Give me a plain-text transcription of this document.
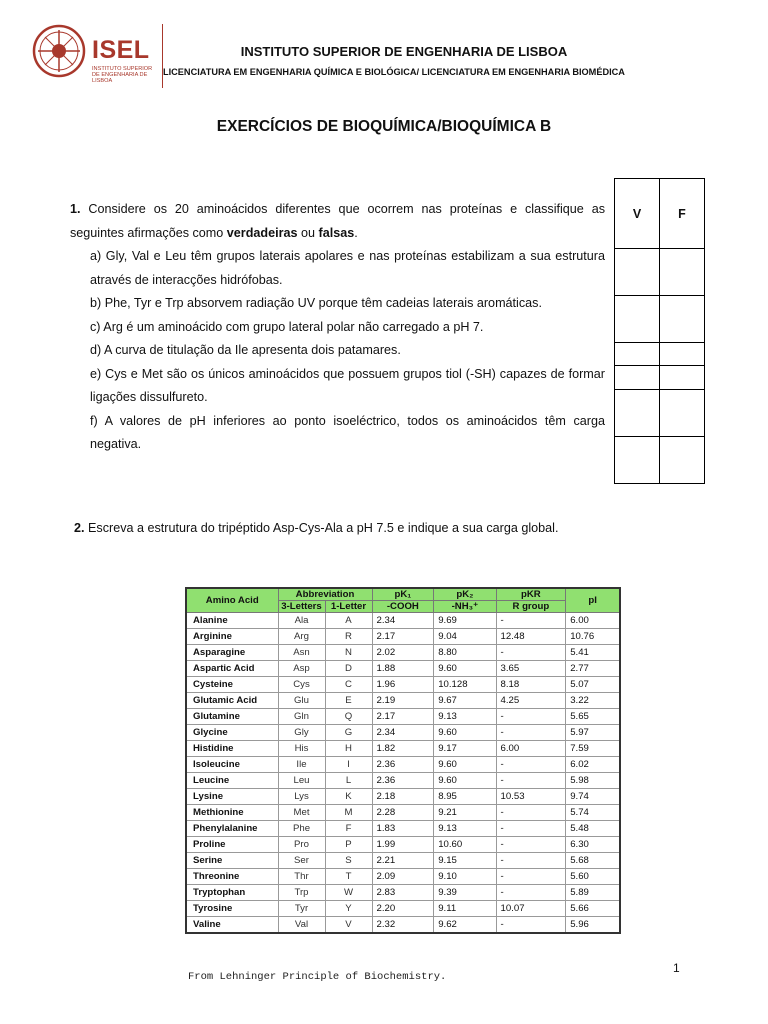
ISEL
INSTITUTO SUPERIOR DE ENGENHARIA DE LISBOA
INSTITUTO SUPERIOR DE ENGENHARIA DE LISBOA
LICENCIATURA EM ENGENHARIA QUÍMICA E BIOLÓGICA/ LICENCIATURA EM ENGENHARIA BIOMÉDICA
EXERCÍCIOS DE BIOQUÍMICA/BIOQUÍMICA B

1. Considere os 20 aminoácidos diferentes que ocorrem nas proteínas e classifique as seguintes afirmações como verdadeiras ou falsas.

a) Gly, Val e Leu têm grupos laterais apolares e nas proteínas estabilizam a sua estrutura através de interacções hidrófobas.

b) Phe, Tyr e Trp absorvem radiação UV porque têm cadeias laterais aromáticas.

c) Arg é um aminoácido com grupo lateral polar não carregado a pH 7.

d) A curva de titulação da Ile apresenta dois patamares.

e) Cys e Met são os únicos aminoácidos que possuem grupos tiol (-SH) capazes de formar ligações dissulfureto.

f) A valores de pH inferiores ao ponto isoeléctrico, todos os aminoácidos têm carga negativa.

V	F

2. Escreva a estrutura do tripéptido Asp-Cys-Ala a pH 7.5 e indique a sua carga global.
Amino Acid	Abbreviation		pK₁	pK₂	pKR	pI
	3-Letters	1-Letter	-COOH	-NH₃⁺	R group	
Alanine	Ala	A	2.34	9.69	-	6.00
Arginine	Arg	R	2.17	9.04	12.48	10.76
Asparagine	Asn	N	2.02	8.80	-	5.41
Aspartic Acid	Asp	D	1.88	9.60	3.65	2.77
Cysteine	Cys	C	1.96	10.128	8.18	5.07
Glutamic Acid	Glu	E	2.19	9.67	4.25	3.22
Glutamine	Gln	Q	2.17	9.13	-	5.65
Glycine	Gly	G	2.34	9.60	-	5.97
Histidine	His	H	1.82	9.17	6.00	7.59
Isoleucine	Ile	I	2.36	9.60	-	6.02
Leucine	Leu	L	2.36	9.60	-	5.98
Lysine	Lys	K	2.18	8.95	10.53	9.74
Methionine	Met	M	2.28	9.21	-	5.74
Phenylalanine	Phe	F	1.83	9.13	-	5.48
Proline	Pro	P	1.99	10.60	-	6.30
Serine	Ser	S	2.21	9.15	-	5.68
Threonine	Thr	T	2.09	9.10	-	5.60
Tryptophan	Trp	W	2.83	9.39	-	5.89
Tyrosine	Tyr	Y	2.20	9.11	10.07	5.66
Valine	Val	V	2.32	9.62	-	5.96
From Lehninger Principle of Biochemistry.
1
